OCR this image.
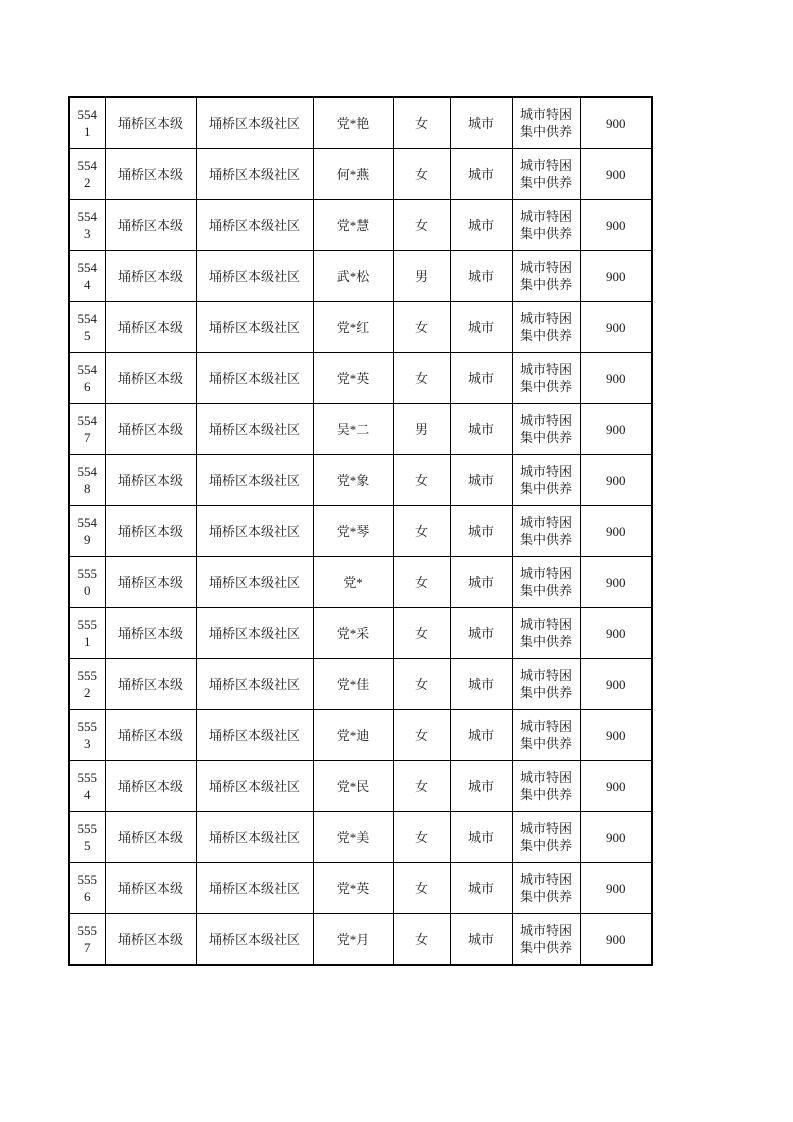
5541	埇桥区本级	埇桥区本级社区	党*艳	女	城市	城市特困集中供养	900
5542	埇桥区本级	埇桥区本级社区	何*燕	女	城市	城市特困集中供养	900
5543	埇桥区本级	埇桥区本级社区	党*慧	女	城市	城市特困集中供养	900
5544	埇桥区本级	埇桥区本级社区	武*松	男	城市	城市特困集中供养	900
5545	埇桥区本级	埇桥区本级社区	党*红	女	城市	城市特困集中供养	900
5546	埇桥区本级	埇桥区本级社区	党*英	女	城市	城市特困集中供养	900
5547	埇桥区本级	埇桥区本级社区	吴*二	男	城市	城市特困集中供养	900
5548	埇桥区本级	埇桥区本级社区	党*象	女	城市	城市特困集中供养	900
5549	埇桥区本级	埇桥区本级社区	党*琴	女	城市	城市特困集中供养	900
5550	埇桥区本级	埇桥区本级社区	党*	女	城市	城市特困集中供养	900
5551	埇桥区本级	埇桥区本级社区	党*采	女	城市	城市特困集中供养	900
5552	埇桥区本级	埇桥区本级社区	党*佳	女	城市	城市特困集中供养	900
5553	埇桥区本级	埇桥区本级社区	党*迪	女	城市	城市特困集中供养	900
5554	埇桥区本级	埇桥区本级社区	党*民	女	城市	城市特困集中供养	900
5555	埇桥区本级	埇桥区本级社区	党*美	女	城市	城市特困集中供养	900
5556	埇桥区本级	埇桥区本级社区	党*英	女	城市	城市特困集中供养	900
5557	埇桥区本级	埇桥区本级社区	党*月	女	城市	城市特困集中供养	900
